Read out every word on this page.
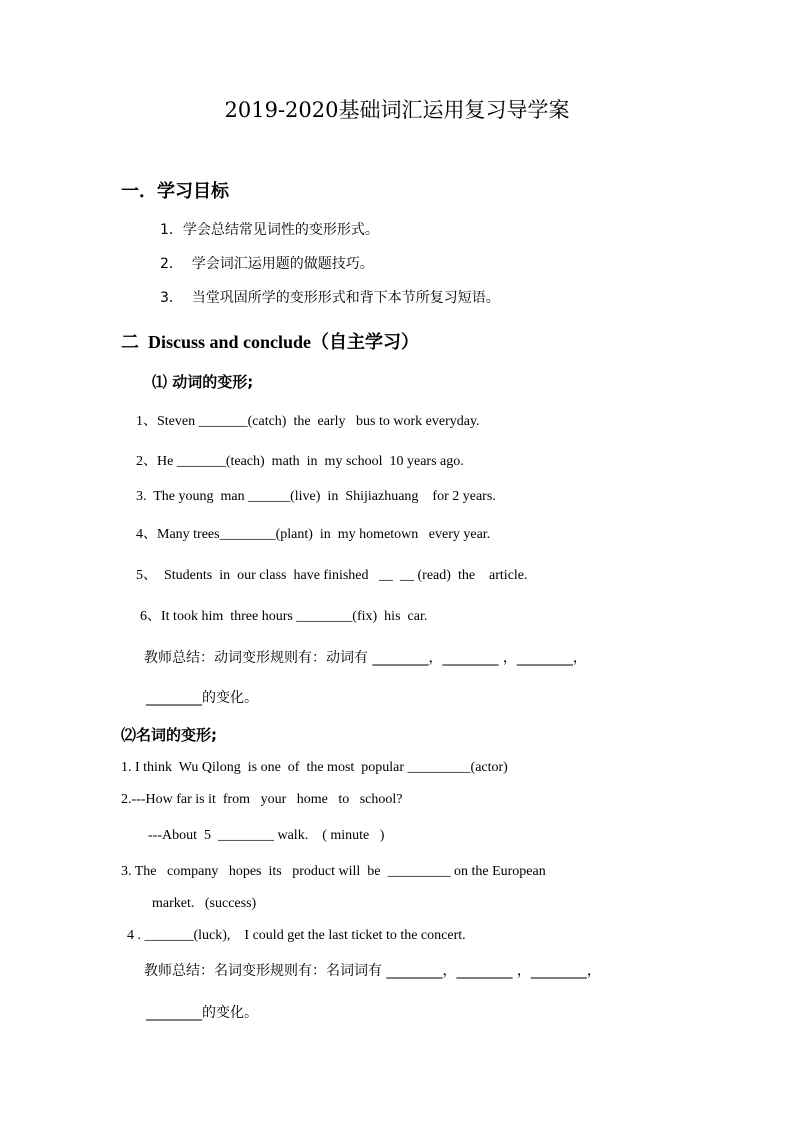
2019-2020基础词汇运用复习导学案
一．学习目标
1．学会总结常见词性的变形形式。
2．  学会词汇运用题的做题技巧。
3．  当堂巩固所学的变形形式和背下本节所复习短语。
二  Discuss and conclude（自主学习）
⑴ 动词的变形;
1、Steven _______(catch)  the  early   bus to work everyday.
2、He _______(teach)  math  in  my school  10 years ago.
3.  The young  man ______(live)  in  Shijiazhuang    for 2 years.
4、Many trees________(plant)  in  my hometown   every year.
5、  Students  in  our class  have finished   __  __ (read)  the    article.
6、It took him  three hours ________(fix)  his  car.
教师总结：动词变形规则有：动词有 ________，________ ，________，
________的变化。
⑵名词的变形;
1. I think  Wu Qilong  is one  of  the most  popular _________(actor)
2.---How far is it  from   your   home   to   school?
---About  5  ________ walk.    ( minute   )
3. The   company   hopes  its   product will  be  _________ on the European
market.   (success)
4 . _______(luck),    I could get the last ticket to the concert.
教师总结：名词变形规则有：名词词有 ________，________ ，________，
________的变化。
